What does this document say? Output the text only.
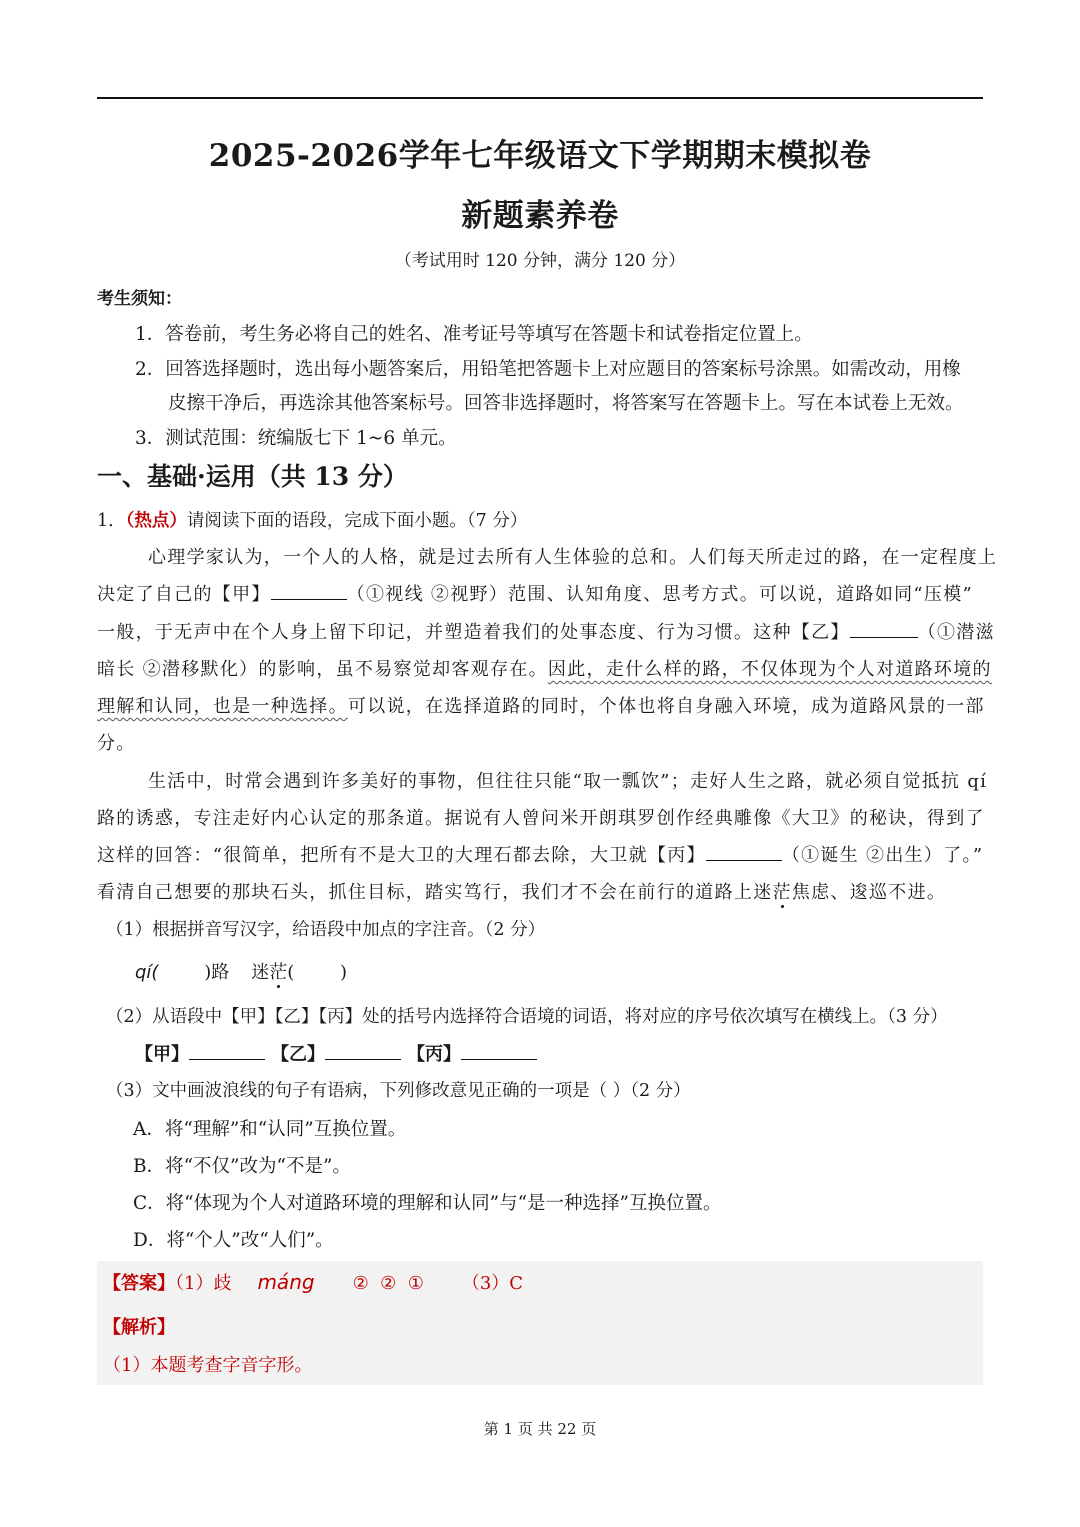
2025-2026学年七年级语文下学期期末模拟卷
新题素养卷
（考试用时 120 分钟，满分 120 分）
考生须知：
1．答卷前，考生务必将自己的姓名、准考证号等填写在答题卡和试卷指定位置上。
2．回答选择题时，选出每小题答案后，用铅笔把答题卡上对应题目的答案标号涂黑。如需改动，用橡
皮擦干净后，再选涂其他答案标号。回答非选择题时，将答案写在答题卡上。写在本试卷上无效。
3．测试范围：统编版七下 1~6 单元。
一、基础·运用（共 13 分）
1．（热点）请阅读下面的语段，完成下面小题。（7 分）
心理学家认为，一个人的人格，就是过去所有人生体验的总和。人们每天所走过的路，在一定程度上
决定了自己的【甲】	（①视线 ②视野）范围、认知角度、思考方式。可以说，道路如同“压模”
一般，于无声中在个人身上留下印记，并塑造着我们的处事态度、行为习惯。这种【乙】	（①潜滋
暗长 ②潜移默化）的影响，虽不易察觉却客观存在。因此，走什么样的路，不仅体现为个人对道路环境的
理解和认同，也是一种选择。可以说，在选择道路的同时，个体也将自身融入环境，成为道路风景的一部
分。
生活中，时常会遇到许多美好的事物，但往往只能“取一瓢饮”；走好人生之路，就必须自觉抵抗 qí
路的诱惑，专注走好内心认定的那条道。据说有人曾问米开朗琪罗创作经典雕像《大卫》的秘诀，得到了
这样的回答：“很简单，把所有不是大卫的大理石都去除，大卫就【丙】	（①诞生 ②出生）了。”
看清自己想要的那块石头，抓住目标，踏实笃行，我们才不会在前行的道路上迷茫焦虑、逡巡不进。
（1）根据拼音写汉字，给语段中加点的字注音。（2 分）
qí(        )路 迷茫(        )
（2）从语段中【甲】【乙】【丙】处的括号内选择符合语境的词语，将对应的序号依次填写在横线上。（3 分）
【甲】	【乙】	【丙】
（3）文中画波浪线的句子有语病，下列修改意见正确的一项是（ ）（2 分）
A．将“理解”和“认同”互换位置。
B．将“不仅”改为“不是”。
C．将“体现为个人对道路环境的理解和认同”与“是一种选择”互换位置。
D．将“个人”改“人们”。
【答案】（1）歧 máng ②  ②  ① （3）C
【解析】
（1）本题考查字音字形。
第 1 页 共 22 页
